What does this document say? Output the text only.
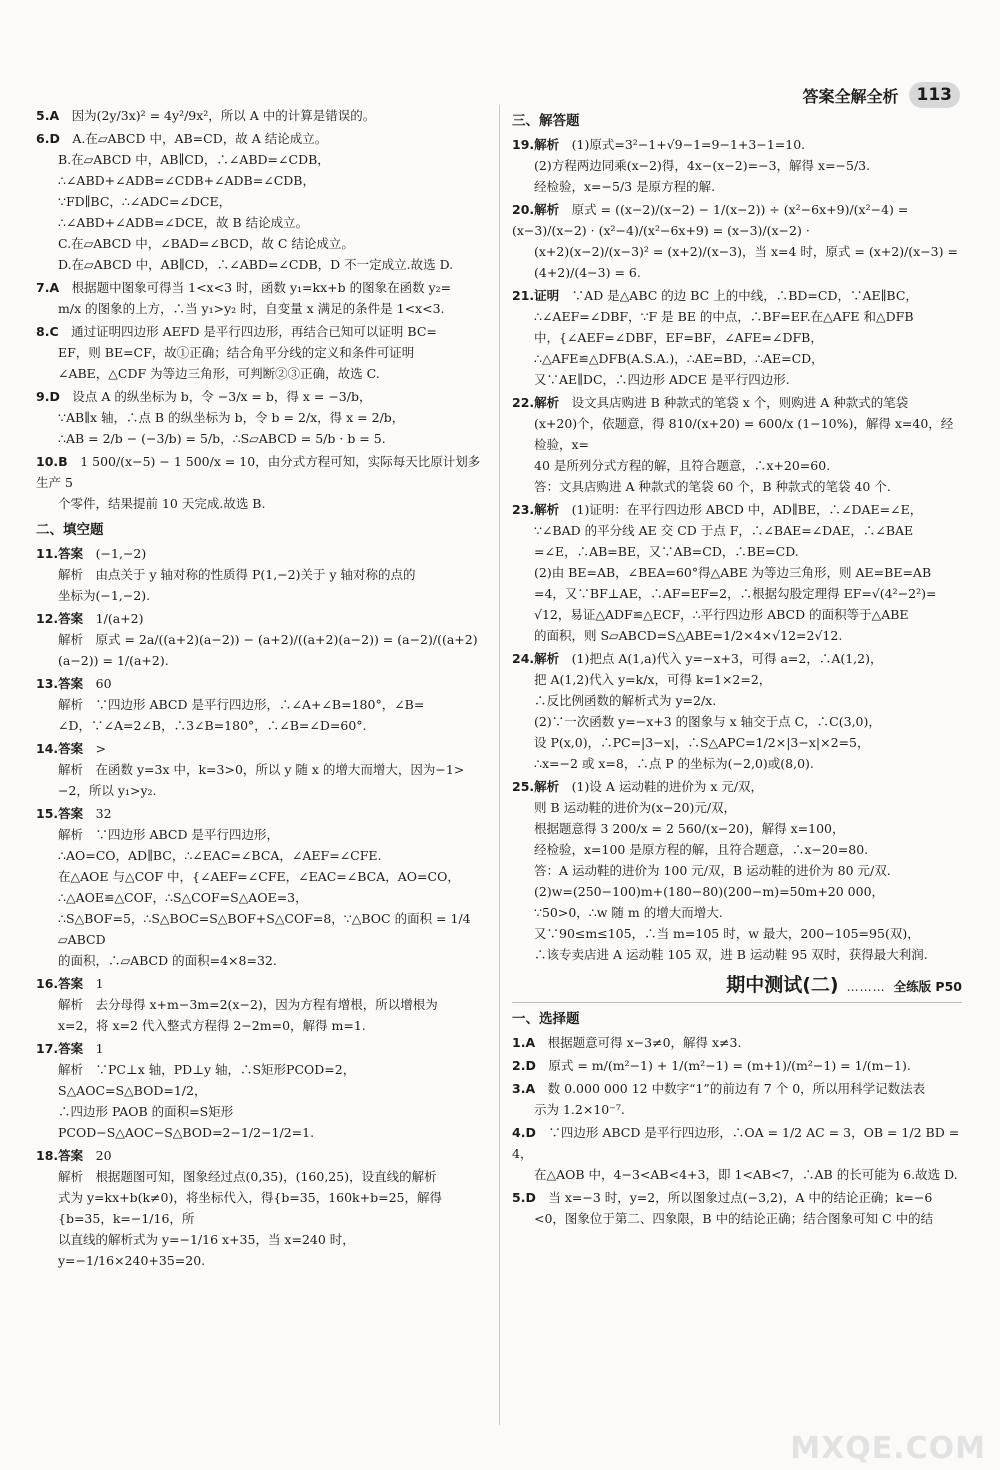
答案全解全析	113

5.A　 因为(2y/3x)² = 4y²/9x²，所以 A 中的计算是错误的。

6.D　 A.在▱ABCD 中，AB=CD，故 A 结论成立。

B.在▱ABCD 中，AB∥CD，∴∠ABD=∠CDB，

∴∠ABD+∠ADB=∠CDB+∠ADB=∠CDB，

∵FD∥BC，∴∠ADC=∠DCE，

∴∠ABD+∠ADB=∠DCE，故 B 结论成立。

C.在▱ABCD 中，∠BAD=∠BCD，故 C 结论成立。

D.在▱ABCD 中，AB∥CD，∴∠ABD=∠CDB，D 不一定成立.故选 D.

7.A　 根据题中图象可得当 1<x<3 时，函数 y₁=kx+b 的图象在函数 y₂=

m/x 的图象的上方，∴当 y₁>y₂ 时，自变量 x 满足的条件是 1<x<3.

8.C　 通过证明四边形 AEFD 是平行四边形，再结合已知可以证明 BC=

EF，则 BE=CF，故①正确；结合角平分线的定义和条件可证明

∠ABE，△CDF 为等边三角形，可判断②③正确，故选 C.

9.D　 设点 A 的纵坐标为 b，令 −3/x = b，得 x = −3/b，

∵AB∥x 轴，∴点 B 的纵坐标为 b，令 b = 2/x，得 x = 2/b，

∴AB = 2/b − (−3/b) = 5/b，∴S▱ABCD = 5/b · b = 5.

10.B　 1 500/(x−5) − 1 500/x = 10，由分式方程可知，实际每天比原计划多生产 5

个零件，结果提前 10 天完成.故选 B.

二、填空题

11.答案　 (−1,−2)

解析　由点关于 y 轴对称的性质得 P(1,−2)关于 y 轴对称的点的

坐标为(−1,−2).

12.答案　 1/(a+2)

解析　原式 = 2a/((a+2)(a−2)) − (a+2)/((a+2)(a−2)) = (a−2)/((a+2)(a−2)) = 1/(a+2).

13.答案　 60

解析　∵四边形 ABCD 是平行四边形，∴∠A+∠B=180°，∠B=

∠D，∵∠A=2∠B，∴3∠B=180°，∴∠B=∠D=60°.

14.答案　 >

解析　在函数 y=3x 中，k=3>0，所以 y 随 x 的增大而增大，因为−1>

−2，所以 y₁>y₂.

15.答案　 32

解析　∵四边形 ABCD 是平行四边形，

∴AO=CO，AD∥BC，∴∠EAC=∠BCA，∠AEF=∠CFE.

在△AOE 与△COF 中，{∠AEF=∠CFE，∠EAC=∠BCA，AO=CO，

∴△AOE≌△COF，∴S△COF=S△AOE=3，

∴S△BOF=5，∴S△BOC=S△BOF+S△COF=8，∵△BOC 的面积 = 1/4 ▱ABCD

的面积，∴▱ABCD 的面积=4×8=32.

16.答案　 1

解析　去分母得 x+m−3m=2(x−2)，因为方程有增根，所以增根为

x=2，将 x=2 代入整式方程得 2−2m=0，解得 m=1.

17.答案　 1

解析　∵PC⊥x 轴，PD⊥y 轴，∴S矩形PCOD=2，S△AOC=S△BOD=1/2，

∴四边形 PAOB 的面积=S矩形PCOD−S△AOC−S△BOD=2−1/2−1/2=1.

18.答案　 20

解析　根据题图可知，图象经过点(0,35)，(160,25)，设直线的解析

式为 y=kx+b(k≠0)，将坐标代入，得{b=35，160k+b=25，解得{b=35，k=−1/16，所

以直线的解析式为 y=−1/16 x+35，当 x=240 时，y=−1/16×240+35=20.

三、解答题

19.解析　 (1)原式=3²−1+√9−1=9−1+3−1=10.

(2)方程两边同乘(x−2)得，4x−(x−2)=−3，解得 x=−5/3.

经检验，x=−5/3 是原方程的解.

20.解析　 原式 = ((x−2)/(x−2) − 1/(x−2)) ÷ (x²−6x+9)/(x²−4) = (x−3)/(x−2) · (x²−4)/(x²−6x+9) = (x−3)/(x−2) ·

(x+2)(x−2)/(x−3)² = (x+2)/(x−3)，当 x=4 时，原式 = (x+2)/(x−3) = (4+2)/(4−3) = 6.

21.证明　 ∵AD 是△ABC 的边 BC 上的中线，∴BD=CD，∵AE∥BC，

∴∠AEF=∠DBF，∵F 是 BE 的中点，∴BF=EF.在△AFE 和△DFB

中，{∠AEF=∠DBF，EF=BF，∠AFE=∠DFB，

∴△AFE≌△DFB(A.S.A.)，∴AE=BD，∴AE=CD，

又∵AE∥DC，∴四边形 ADCE 是平行四边形.

22.解析　 设文具店购进 B 种款式的笔袋 x 个，则购进 A 种款式的笔袋

(x+20)个，依题意，得 810/(x+20) = 600/x (1−10%)，解得 x=40，经检验，x=

40 是所列分式方程的解，且符合题意，∴x+20=60.

答：文具店购进 A 种款式的笔袋 60 个，B 种款式的笔袋 40 个.

23.解析　 (1)证明：在平行四边形 ABCD 中，AD∥BE，∴∠DAE=∠E，

∵∠BAD 的平分线 AE 交 CD 于点 F，∴∠BAE=∠DAE，∴∠BAE

=∠E，∴AB=BE，又∵AB=CD，∴BE=CD.

(2)由 BE=AB，∠BEA=60°得△ABE 为等边三角形，则 AE=BE=AB

=4，又∵BF⊥AE，∴AF=EF=2，∴根据勾股定理得 EF=√(4²−2²)=

√12，易证△ADF≌△ECF，∴平行四边形 ABCD 的面积等于△ABE

的面积，则 S▱ABCD=S△ABE=1/2×4×√12=2√12.

24.解析　 (1)把点 A(1,a)代入 y=−x+3，可得 a=2，∴A(1,2)，

把 A(1,2)代入 y=k/x，可得 k=1×2=2，

∴反比例函数的解析式为 y=2/x.

(2)∵一次函数 y=−x+3 的图象与 x 轴交于点 C，∴C(3,0)，

设 P(x,0)，∴PC=|3−x|，∴S△APC=1/2×|3−x|×2=5，

∴x=−2 或 x=8，∴点 P 的坐标为(−2,0)或(8,0).

25.解析　 (1)设 A 运动鞋的进价为 x 元/双，

则 B 运动鞋的进价为(x−20)元/双，

根据题意得 3 200/x = 2 560/(x−20)，解得 x=100，

经检验，x=100 是原方程的解，且符合题意，∴x−20=80.

答：A 运动鞋的进价为 100 元/双，B 运动鞋的进价为 80 元/双.

(2)w=(250−100)m+(180−80)(200−m)=50m+20 000，

∵50>0，∴w 随 m 的增大而增大.

又∵90≤m≤105，∴当 m=105 时，w 最大，200−105=95(双)，

∴该专卖店进 A 运动鞋 105 双，进 B 运动鞋 95 双时，获得最大利润.

期中测试(二) ……… 全练版 P50
一、选择题

1.A　 根据题意可得 x−3≠0，解得 x≠3.

2.D　 原式 = m/(m²−1) + 1/(m²−1) = (m+1)/(m²−1) = 1/(m−1).

3.A　 数 0.000 000 12 中数字“1”的前边有 7 个 0，所以用科学记数法表

示为 1.2×10⁻⁷.

4.D　 ∵四边形 ABCD 是平行四边形，∴OA = 1/2 AC = 3，OB = 1/2 BD = 4，

在△AOB 中，4−3<AB<4+3，即 1<AB<7，∴AB 的长可能为 6.故选 D.

5.D　 当 x=−3 时，y=2，所以图象过点(−3,2)，A 中的结论正确；k=−6

<0，图象位于第二、四象限，B 中的结论正确；结合图象可知 C 中的结

MXQE.COM
